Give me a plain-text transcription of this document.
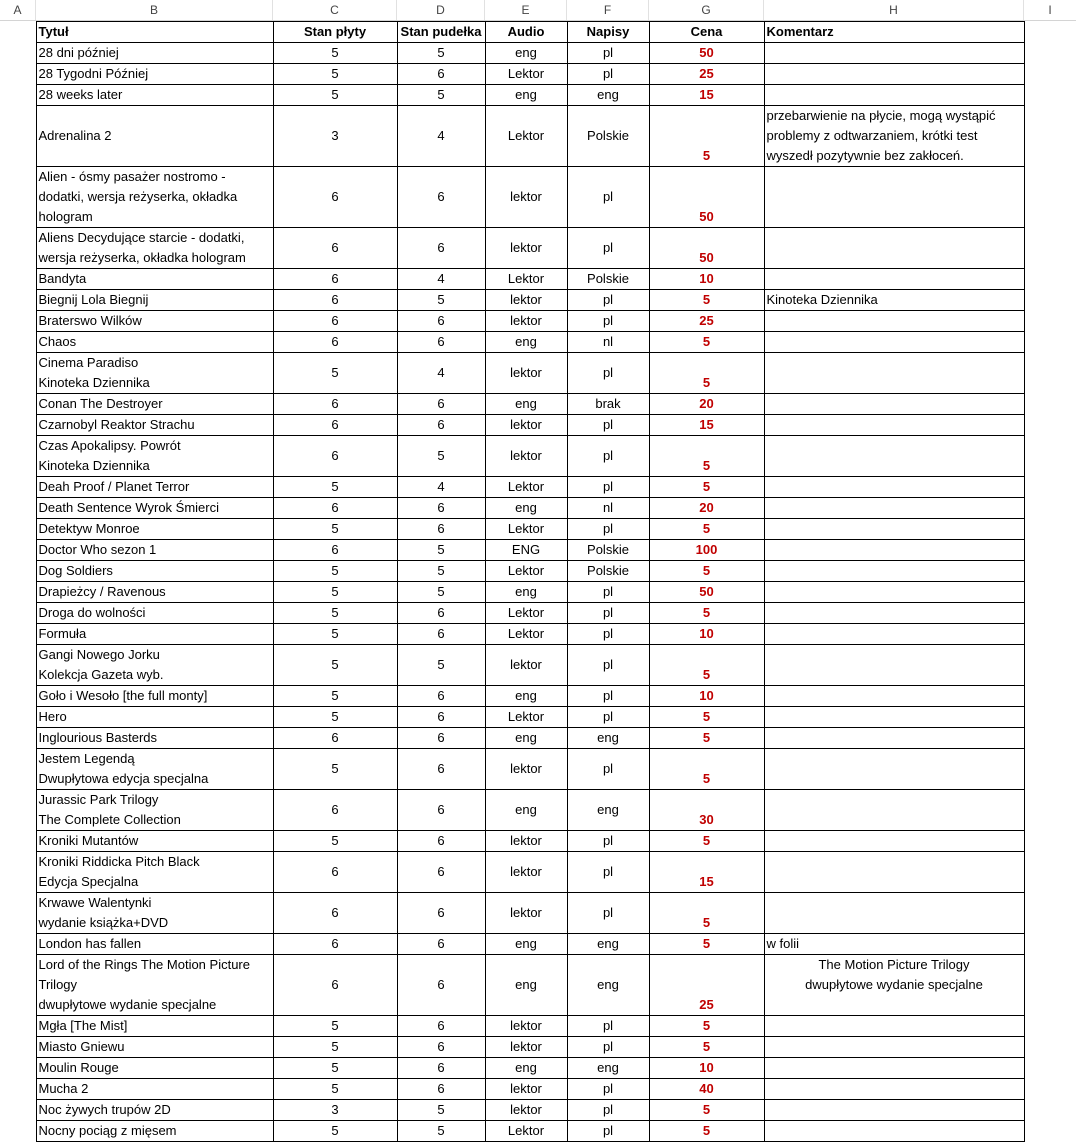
A	B	C	D	E	F	G	H	I
	Tytuł	Stan płyty	Stan pudełka	Audio	Napisy	Cena	Komentarz	
	28 dni później	5	5	eng	pl	50		
	28 Tygodni Później	5	6	Lektor	pl	25		
	28 weeks later	5	5	eng	eng	15		
	Adrenalina 2	3	4	Lektor	Polskie	5	przebarwienie na płycie, mogą wystąpić
problemy z odtwarzaniem, krótki test
wyszedł pozytywnie bez zakłoceń.	
	Alien - ósmy pasażer nostromo -
dodatki, wersja reżyserka, okładka
hologram	6	6	lektor	pl	50		
	Aliens Decydujące starcie - dodatki,
wersja reżyserka, okładka hologram	6	6	lektor	pl	50		
	Bandyta	6	4	Lektor	Polskie	10		
	Biegnij Lola Biegnij	6	5	lektor	pl	5	Kinoteka Dziennika	
	Braterswo Wilków	6	6	lektor	pl	25		
	Chaos	6	6	eng	nl	5		
	Cinema Paradiso
Kinoteka Dziennika	5	4	lektor	pl	5		
	Conan The Destroyer	6	6	eng	brak	20		
	Czarnobyl Reaktor Strachu	6	6	lektor	pl	15		
	Czas Apokalipsy. Powrót
Kinoteka Dziennika	6	5	lektor	pl	5		
	Deah Proof / Planet Terror	5	4	Lektor	pl	5		
	Death Sentence Wyrok Śmierci	6	6	eng	nl	20		
	Detektyw Monroe	5	6	Lektor	pl	5		
	Doctor Who sezon 1	6	5	ENG	Polskie	100		
	Dog Soldiers	5	5	Lektor	Polskie	5		
	Drapieżcy / Ravenous	5	5	eng	pl	50		
	Droga do wolności	5	6	Lektor	pl	5		
	Formuła	5	6	Lektor	pl	10		
	Gangi Nowego Jorku
Kolekcja Gazeta wyb.	5	5	lektor	pl	5		
	Goło i Wesoło [the full monty]	5	6	eng	pl	10		
	Hero	5	6	Lektor	pl	5		
	Inglourious Basterds	6	6	eng	eng	5		
	Jestem Legendą
Dwupłytowa edycja specjalna	5	6	lektor	pl	5		
	Jurassic Park Trilogy
The Complete Collection	6	6	eng	eng	30		
	Kroniki Mutantów	5	6	lektor	pl	5		
	Kroniki Riddicka Pitch Black
Edycja Specjalna	6	6	lektor	pl	15		
	Krwawe Walentynki
wydanie książka+DVD	6	6	lektor	pl	5		
	London has fallen	6	6	eng	eng	5	w folii	
	Lord of the Rings The Motion Picture
Trilogy
dwupłytowe wydanie specjalne	6	6	eng	eng	25	The Motion Picture Trilogy
dwupłytowe wydanie specjalne	
	Mgła [The Mist]	5	6	lektor	pl	5		
	Miasto Gniewu	5	6	lektor	pl	5		
	Moulin Rouge	5	6	eng	eng	10		
	Mucha 2	5	6	lektor	pl	40		
	Noc żywych trupów 2D	3	5	lektor	pl	5		
	Nocny pociąg z mięsem	5	5	Lektor	pl	5		
